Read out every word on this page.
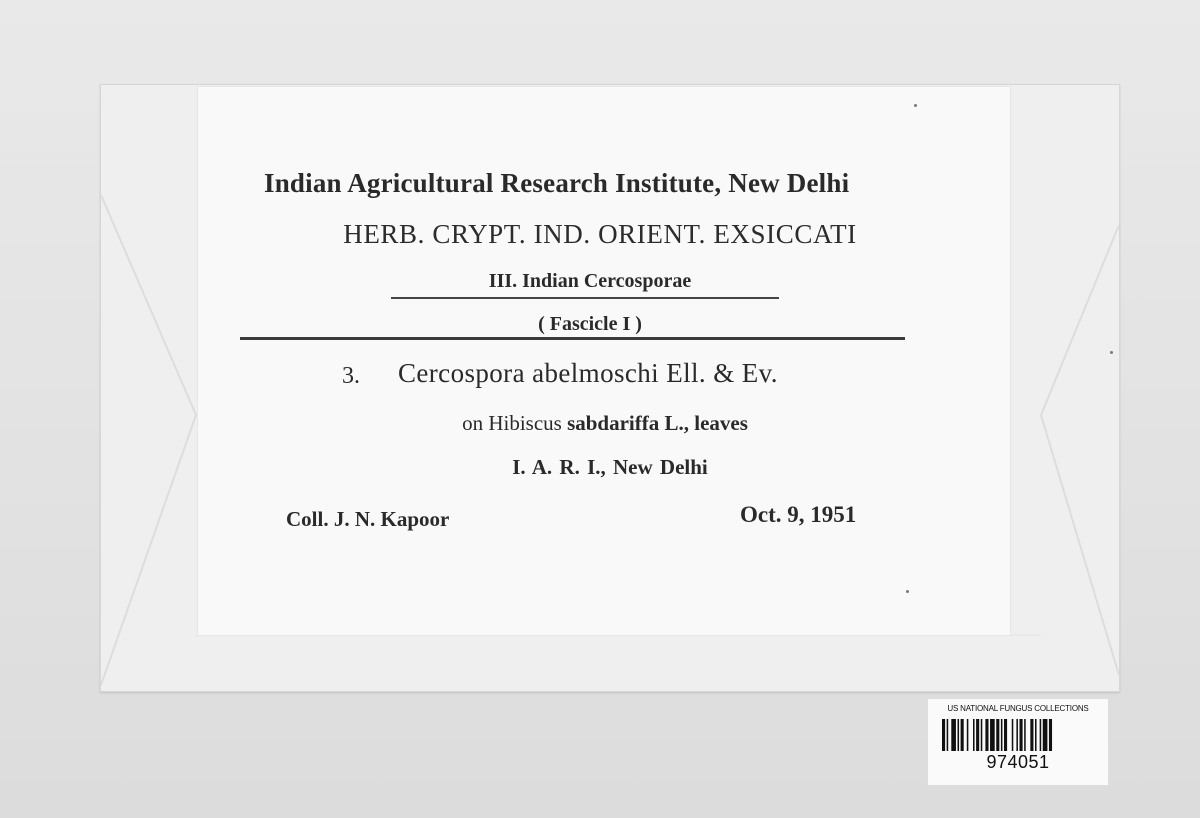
Indian Agricultural Research Institute, New Delhi
HERB. CRYPT. IND. ORIENT. EXSICCATI
III. Indian Cercosporae
( Fascicle I )
3. Cercospora abelmoschi Ell. & Ev.
on Hibiscus sabdariffa L., leaves
I. A. R. I., New Delhi
Coll. J. N. Kapoor	Oct. 9, 1951
US NATIONAL FUNGUS COLLECTIONS
974051
